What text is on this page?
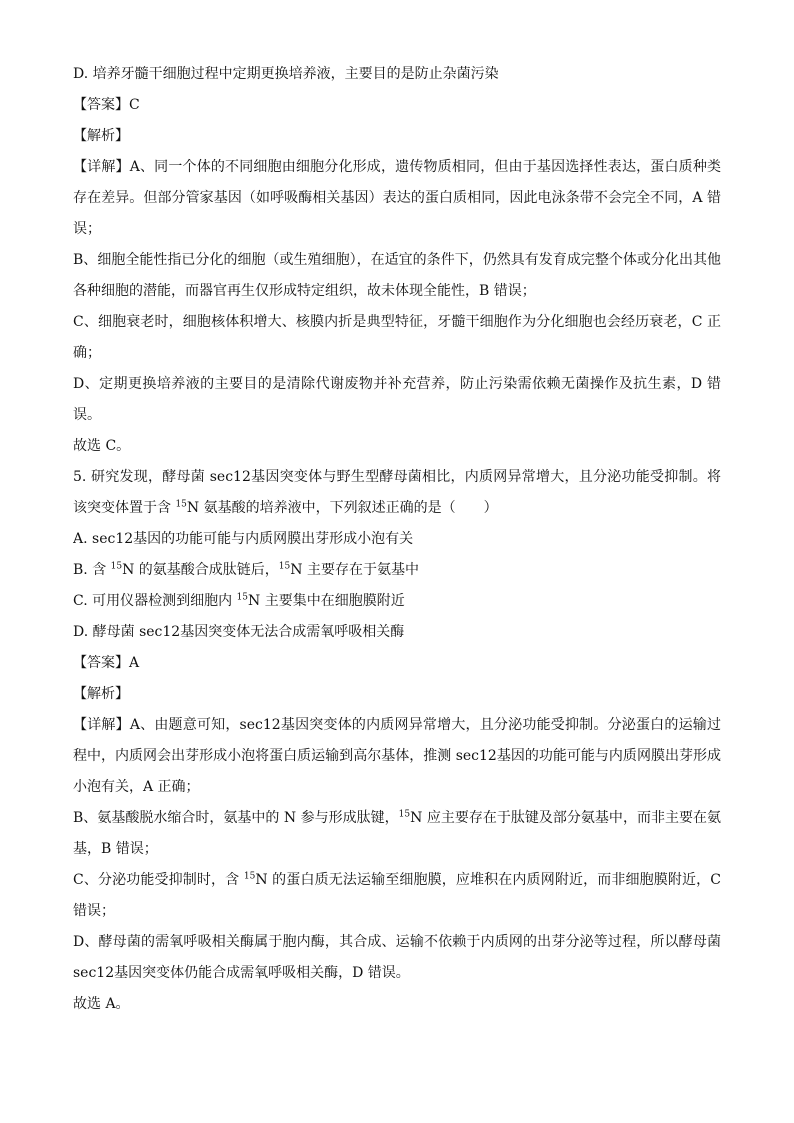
D. 培养牙髓干细胞过程中定期更换培养液，主要目的是防止杂菌污染
【答案】C
【解析】

【详解】A、同一个体的不同细胞由细胞分化形成，遗传物质相同，但由于基因选择性表达，蛋白质种类存在差异。但部分管家基因（如呼吸酶相关基因）表达的蛋白质相同，因此电泳条带不会完全不同，A 错误；

B、细胞全能性指已分化的细胞（或生殖细胞），在适宜的条件下，仍然具有发育成完整个体或分化出其他各种细胞的潜能，而器官再生仅形成特定组织，故未体现全能性，B 错误；

C、细胞衰老时，细胞核体积增大、核膜内折是典型特征，牙髓干细胞作为分化细胞也会经历衰老，C 正确；

D、定期更换培养液的主要目的是清除代谢废物并补充营养，防止污染需依赖无菌操作及抗生素，D 错误。

故选 C。

5. 研究发现，酵母菌 sec12基因突变体与野生型酵母菌相比，内质网异常增大，且分泌功能受抑制。将该突变体置于含 $^{15}$N 氨基酸的培养液中，下列叙述正确的是（　　）

A. sec12基因的功能可能与内质网膜出芽形成小泡有关
B. 含 $^{15}$N 的氨基酸合成肽链后，$^{15}$N 主要存在于氨基中
C. 可用仪器检测到细胞内 $^{15}$N 主要集中在细胞膜附近
D. 酵母菌 sec12基因突变体无法合成需氧呼吸相关酶
【答案】A
【解析】

【详解】A、由题意可知，sec12基因突变体的内质网异常增大，且分泌功能受抑制。分泌蛋白的运输过程中，内质网会出芽形成小泡将蛋白质运输到高尔基体，推测 sec12基因的功能可能与内质网膜出芽形成小泡有关，A 正确；

B、氨基酸脱水缩合时，氨基中的 N 参与形成肽键，$^{15}$N 应主要存在于肽键及部分氨基中，而非主要在氨基，B 错误；

C、分泌功能受抑制时，含 $^{15}$N 的蛋白质无法运输至细胞膜，应堆积在内质网附近，而非细胞膜附近，C 错误；

D、酵母菌的需氧呼吸相关酶属于胞内酶，其合成、运输不依赖于内质网的出芽分泌等过程，所以酵母菌 sec12基因突变体仍能合成需氧呼吸相关酶，D 错误。

故选 A。
